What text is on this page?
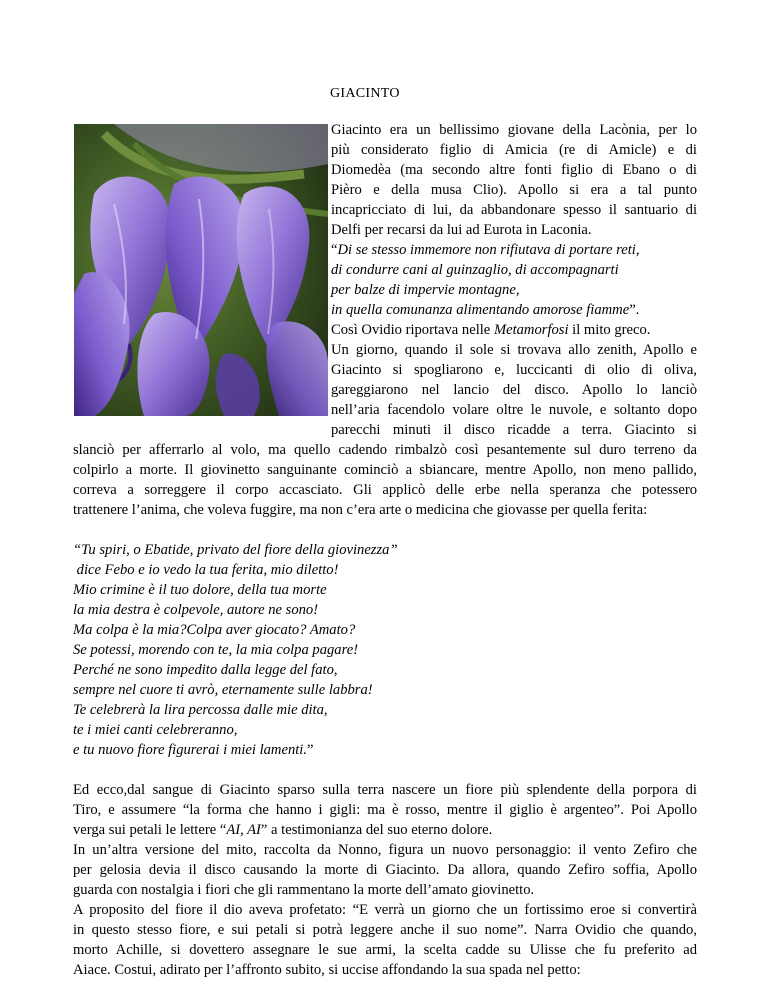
GIACINTO
Giacinto era un bellissimo giovane della Lacònia, per lo
più considerato figlio di Amicia (re di Amicle) e di
Diomedèa (ma secondo altre fonti figlio di Ebano o di
Pièro e della musa Clio). Apollo si era a tal punto
incapricciato di lui, da abbandonare spesso il santuario di
Delfi per recarsi da lui ad Eurota in Laconia.
“Di se stesso immemore non rifiutava di portare reti,
di condurre cani al guinzaglio, di accompagnarti
per balze di impervie montagne,
in quella comunanza alimentando amorose fiamme”.
Così Ovidio riportava nelle Metamorfosi il mito greco.
Un giorno, quando il sole si trovava allo zenith, Apollo e
Giacinto si spogliarono e, luccicanti di olio di oliva,
gareggiarono nel lancio del disco. Apollo lo lanciò
nell’aria facendolo volare oltre le nuvole, e soltanto dopo
parecchi minuti il disco ricadde a terra. Giacinto si
slanciò per afferrarlo al volo, ma quello cadendo rimbalzò così pesantemente sul duro terreno da
colpirlo a morte. Il giovinetto sanguinante cominciò a sbiancare, mentre Apollo, non meno pallido,
correva a sorreggere il corpo accasciato. Gli applicò delle erbe nella speranza che potessero
trattenere l’anima, che voleva fuggire, ma non c’era arte o medicina che giovasse per quella ferita:
“Tu spiri, o Ebatide, privato del fiore della giovinezza”
dice Febo e io vedo la tua ferita, mio diletto!
Mio crimine è il tuo dolore, della tua morte
la mia destra è colpevole, autore ne sono!
Ma colpa è la mia?Colpa aver giocato? Amato?
Se potessi, morendo con te, la mia colpa pagare!
Perché ne sono impedito dalla legge del fato,
sempre nel cuore ti avrò, eternamente sulle labbra!
Te celebrerà la lira percossa dalle mie dita,
te i miei canti celebreranno,
e tu nuovo fiore figurerai i miei lamenti.”
Ed ecco,dal sangue di Giacinto sparso sulla terra nascere un fiore più splendente della porpora di
Tiro, e assumere “la forma che hanno i gigli: ma è rosso, mentre il giglio è argenteo”. Poi Apollo
verga sui petali le lettere “AI, AI” a testimonianza del suo eterno dolore.
In un’altra versione del mito, raccolta da Nonno, figura un nuovo personaggio: il vento Zefiro che
per gelosia devia il disco causando la morte di Giacinto. Da allora, quando Zefiro soffia, Apollo
guarda con nostalgia i fiori che gli rammentano la morte dell’amato giovinetto.
A proposito del fiore il dio aveva profetato: “E verrà un giorno che un fortissimo eroe si convertirà
in questo stesso fiore, e sui petali si potrà leggere anche il suo nome”. Narra Ovidio che quando,
morto Achille, si dovettero assegnare le sue armi, la scelta cadde su Ulisse che fu preferito ad
Aiace. Costui, adirato per l’affronto subito, si uccise affondando la sua spada nel petto:
